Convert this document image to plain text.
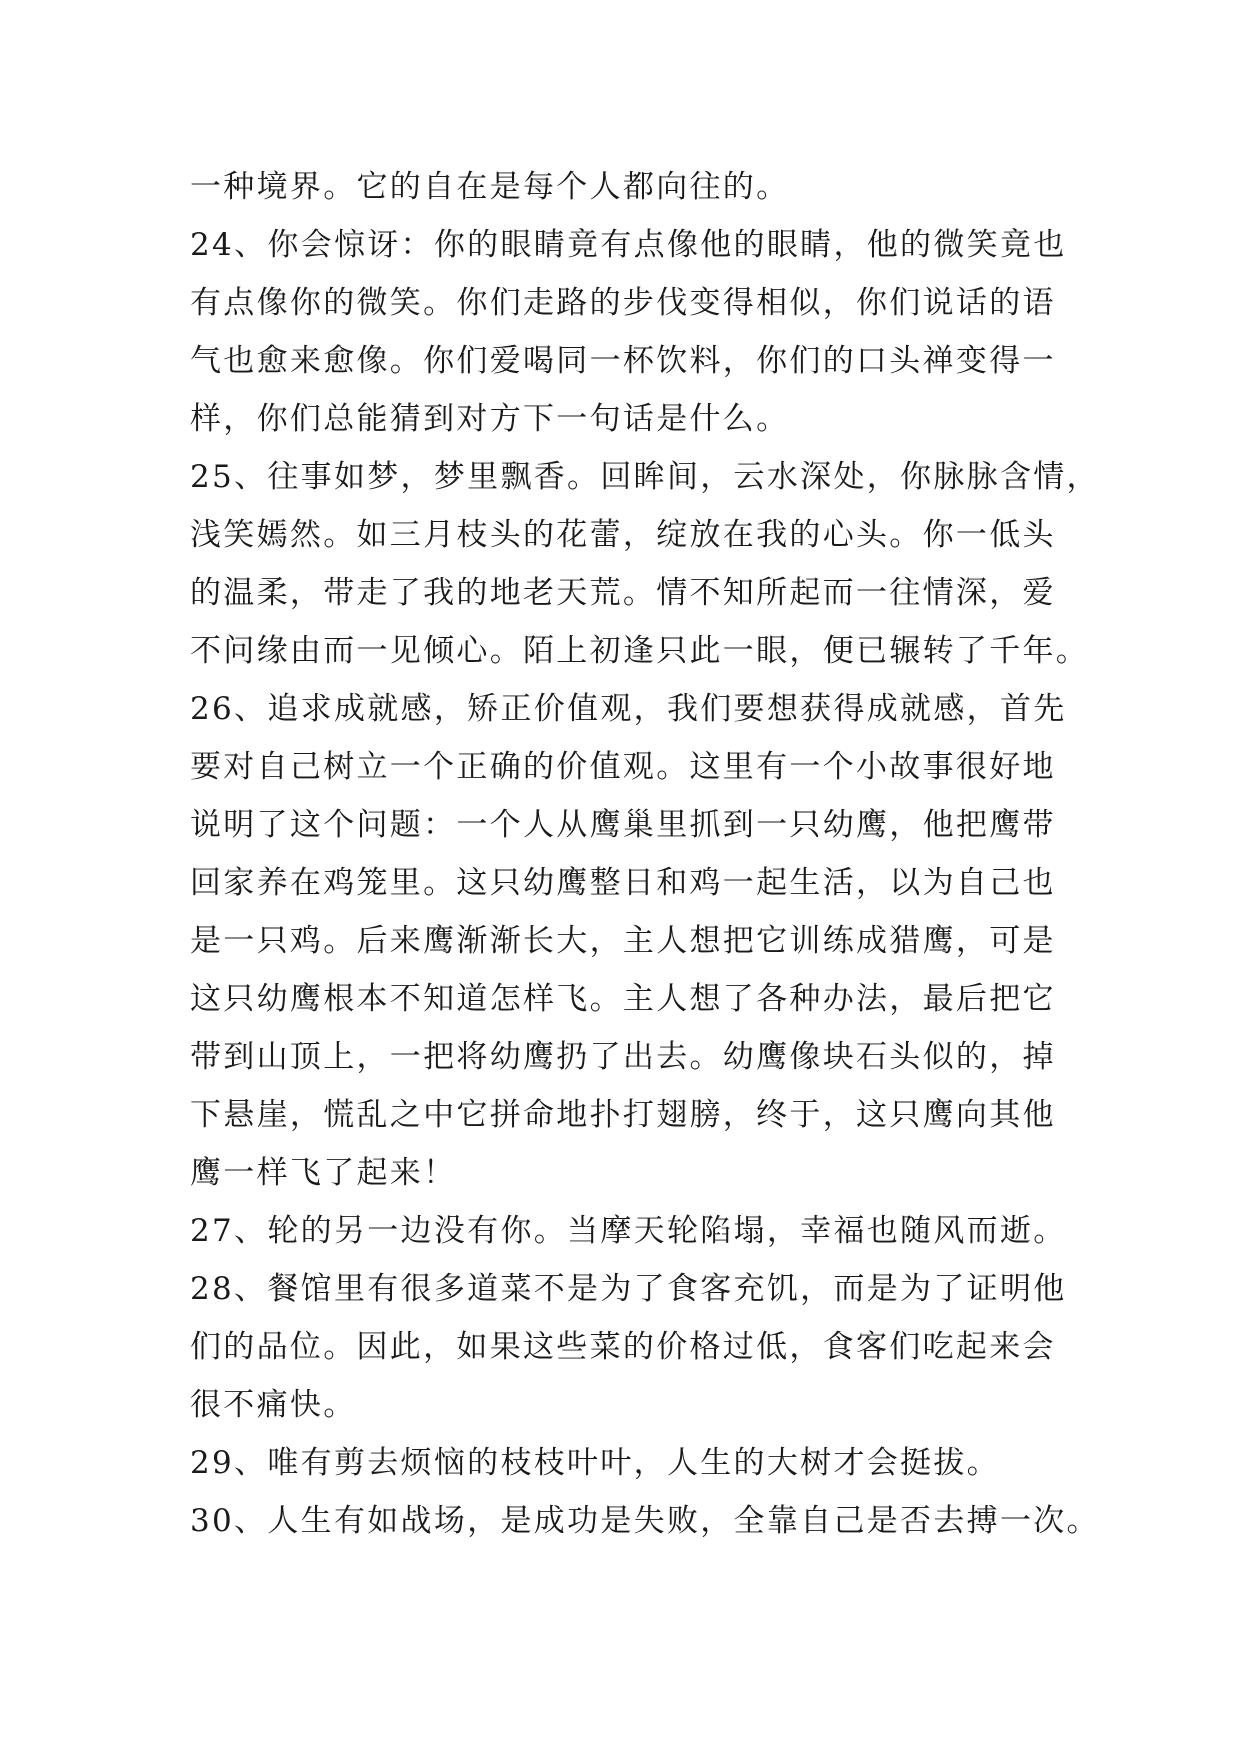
一种境界。它的自在是每个人都向往的。
24、你会惊讶：你的眼睛竟有点像他的眼睛，他的微笑竟也
有点像你的微笑。你们走路的步伐变得相似，你们说话的语
气也愈来愈像。你们爱喝同一杯饮料，你们的口头禅变得一
样，你们总能猜到对方下一句话是什么。
25、往事如梦，梦里飘香。回眸间，云水深处，你脉脉含情，
浅笑嫣然。如三月枝头的花蕾，绽放在我的心头。你一低头
的温柔，带走了我的地老天荒。情不知所起而一往情深，爱
不问缘由而一见倾心。陌上初逢只此一眼，便已辗转了千年。
26、追求成就感，矫正价值观，我们要想获得成就感，首先
要对自己树立一个正确的价值观。这里有一个小故事很好地
说明了这个问题：一个人从鹰巢里抓到一只幼鹰，他把鹰带
回家养在鸡笼里。这只幼鹰整日和鸡一起生活，以为自己也
是一只鸡。后来鹰渐渐长大，主人想把它训练成猎鹰，可是
这只幼鹰根本不知道怎样飞。主人想了各种办法，最后把它
带到山顶上，一把将幼鹰扔了出去。幼鹰像块石头似的，掉
下悬崖，慌乱之中它拼命地扑打翅膀，终于，这只鹰向其他
鹰一样飞了起来！
27、轮的另一边没有你。当摩天轮陷塌，幸福也随风而逝。
28、餐馆里有很多道菜不是为了食客充饥，而是为了证明他
们的品位。因此，如果这些菜的价格过低，食客们吃起来会
很不痛快。
29、唯有剪去烦恼的枝枝叶叶，人生的大树才会挺拔。
30、人生有如战场，是成功是失败，全靠自己是否去搏一次。
